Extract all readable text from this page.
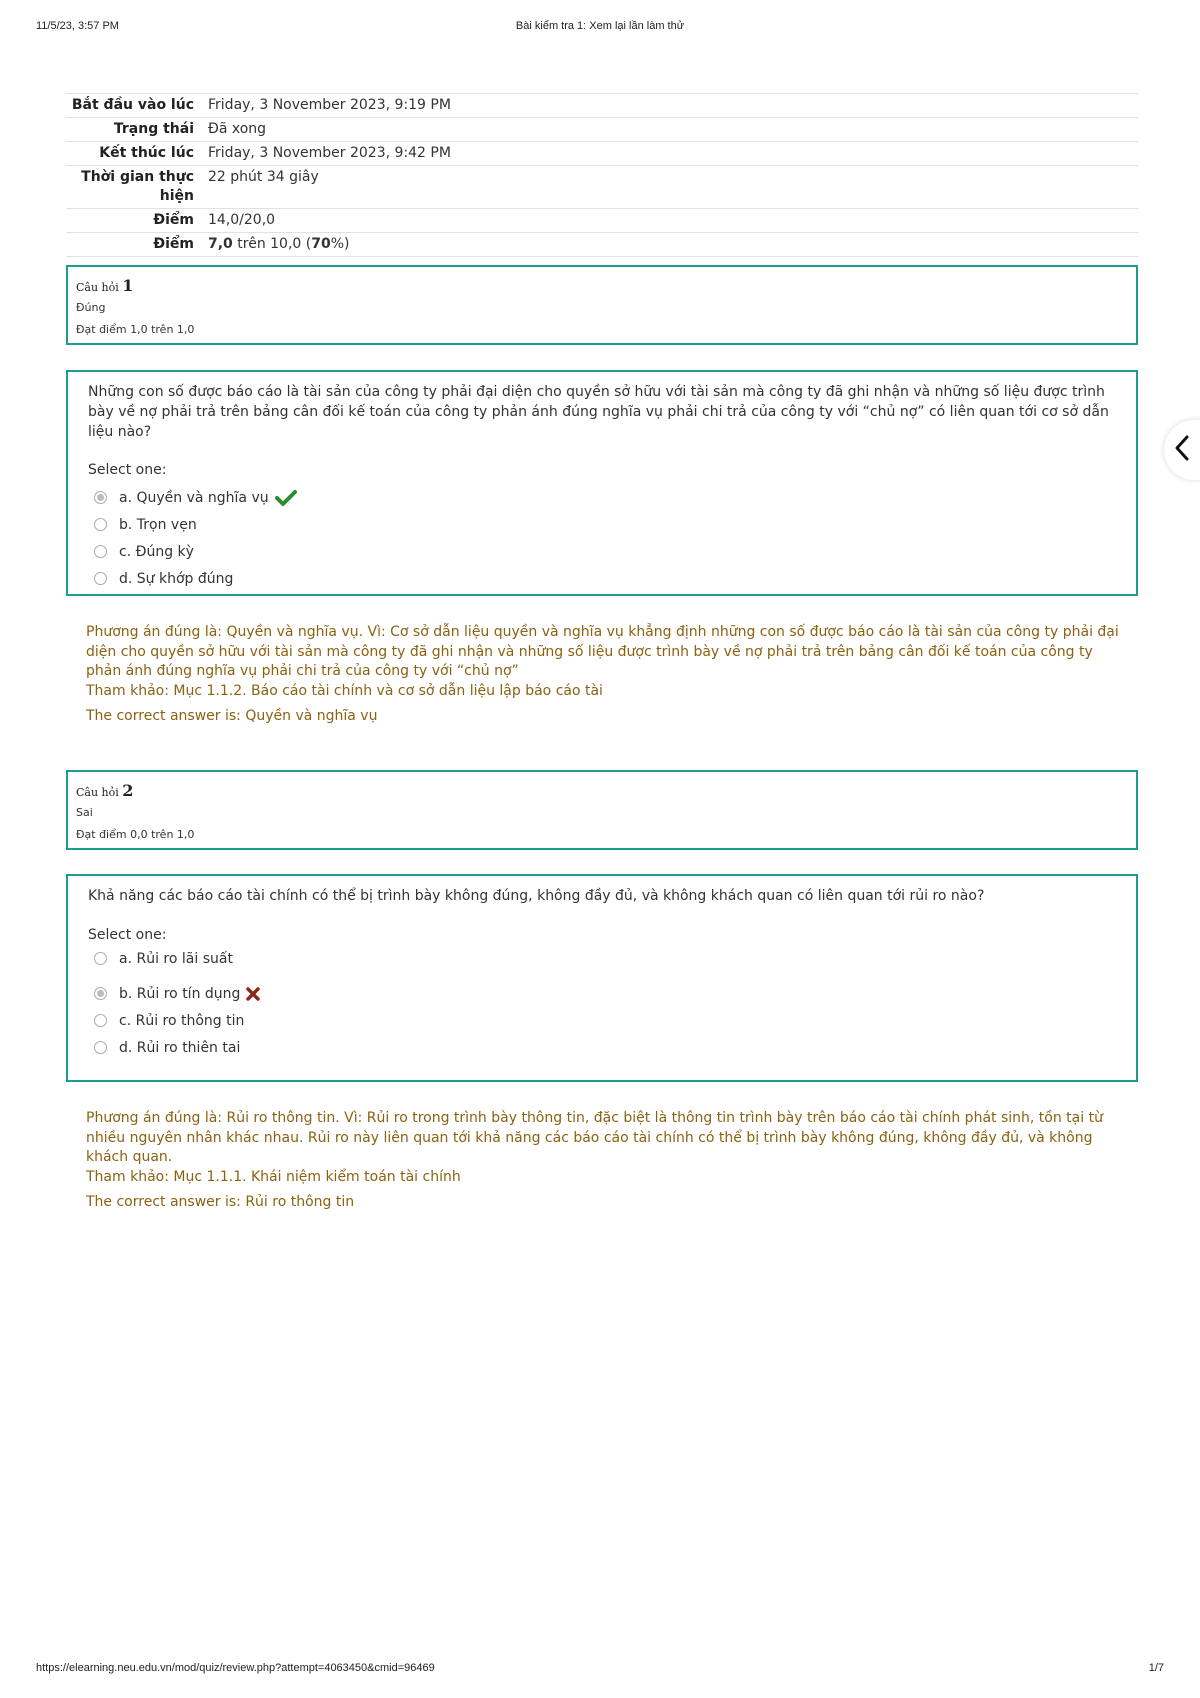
11/5/23, 3:57 PM	Bài kiểm tra 1: Xem lại lần làm thử
Bắt đầu vào lúc	Friday, 3 November 2023, 9:19 PM
Trạng thái	Đã xong
Kết thúc lúc	Friday, 3 November 2023, 9:42 PM
Thời gian thực hiện	22 phút 34 giây
Điểm	14,0/20,0
Điểm	7,0 trên 10,0 (70%)
Câu hỏi 1
Đúng
Đạt điểm 1,0 trên 1,0
Những con số được báo cáo là tài sản của công ty phải đại diện cho quyền sở hữu với tài sản mà công ty đã ghi nhận và những số liệu được trình bày về nợ phải trả trên bảng cân đối kế toán của công ty phản ánh đúng nghĩa vụ phải chi trả của công ty với “chủ nợ” có liên quan tới cơ sở dẫn liệu nào?
Select one:
a. Quyền và nghĩa vụ
b. Trọn vẹn
c. Đúng kỳ
d. Sự khớp đúng
Phương án đúng là: Quyền và nghĩa vụ. Vì: Cơ sở dẫn liệu quyền và nghĩa vụ khẳng định những con số được báo cáo là tài sản của công ty phải đại diện cho quyền sở hữu với tài sản mà công ty đã ghi nhận và những số liệu được trình bày về nợ phải trả trên bảng cân đối kế toán của công ty phản ánh đúng nghĩa vụ phải chi trả của công ty với “chủ nợ”
Tham khảo: Mục 1.1.2. Báo cáo tài chính và cơ sở dẫn liệu lập báo cáo tài
The correct answer is: Quyền và nghĩa vụ
Câu hỏi 2
Sai
Đạt điểm 0,0 trên 1,0
Khả năng các báo cáo tài chính có thể bị trình bày không đúng, không đầy đủ, và không khách quan có liên quan tới rủi ro nào?
Select one:
a. Rủi ro lãi suất
b. Rủi ro tín dụng
c. Rủi ro thông tin
d. Rủi ro thiên tai
Phương án đúng là: Rủi ro thông tin. Vì: Rủi ro trong trình bày thông tin, đặc biệt là thông tin trình bày trên báo cáo tài chính phát sinh, tồn tại từ nhiều nguyên nhân khác nhau. Rủi ro này liên quan tới khả năng các báo cáo tài chính có thể bị trình bày không đúng, không đầy đủ, và không khách quan.
Tham khảo: Mục 1.1.1. Khái niệm kiểm toán tài chính
The correct answer is: Rủi ro thông tin
https://elearning.neu.edu.vn/mod/quiz/review.php?attempt=4063450&cmid=96469	1/7
